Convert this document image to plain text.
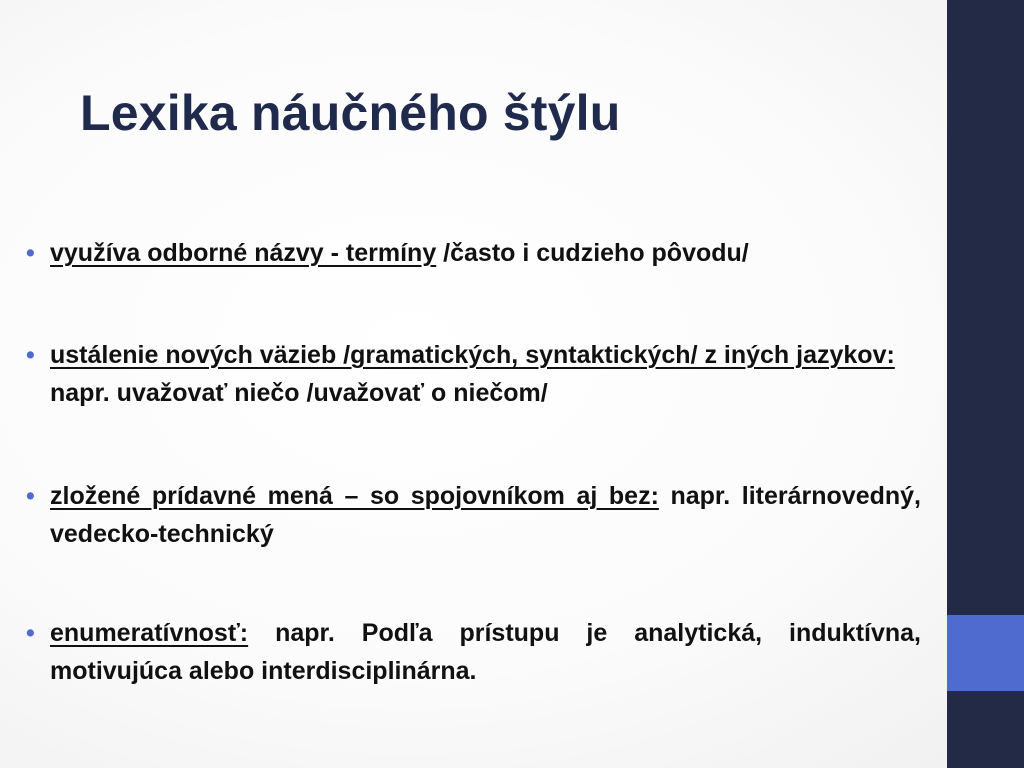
Lexika náučného štýlu

• využíva odborné názvy - termíny /často i cudzieho pôvodu/

• ustálenie nových väzieb /gramatických, syntaktických/ z iných jazykov: napr. uvažovať niečo /uvažovať o niečom/

• zložené prídavné mená – so spojovníkom aj bez: napr. literárnovedný, vedecko-technický

• enumeratívnosť: napr. Podľa prístupu je analytická, induktívna, motivujúca alebo interdisciplinárna.
